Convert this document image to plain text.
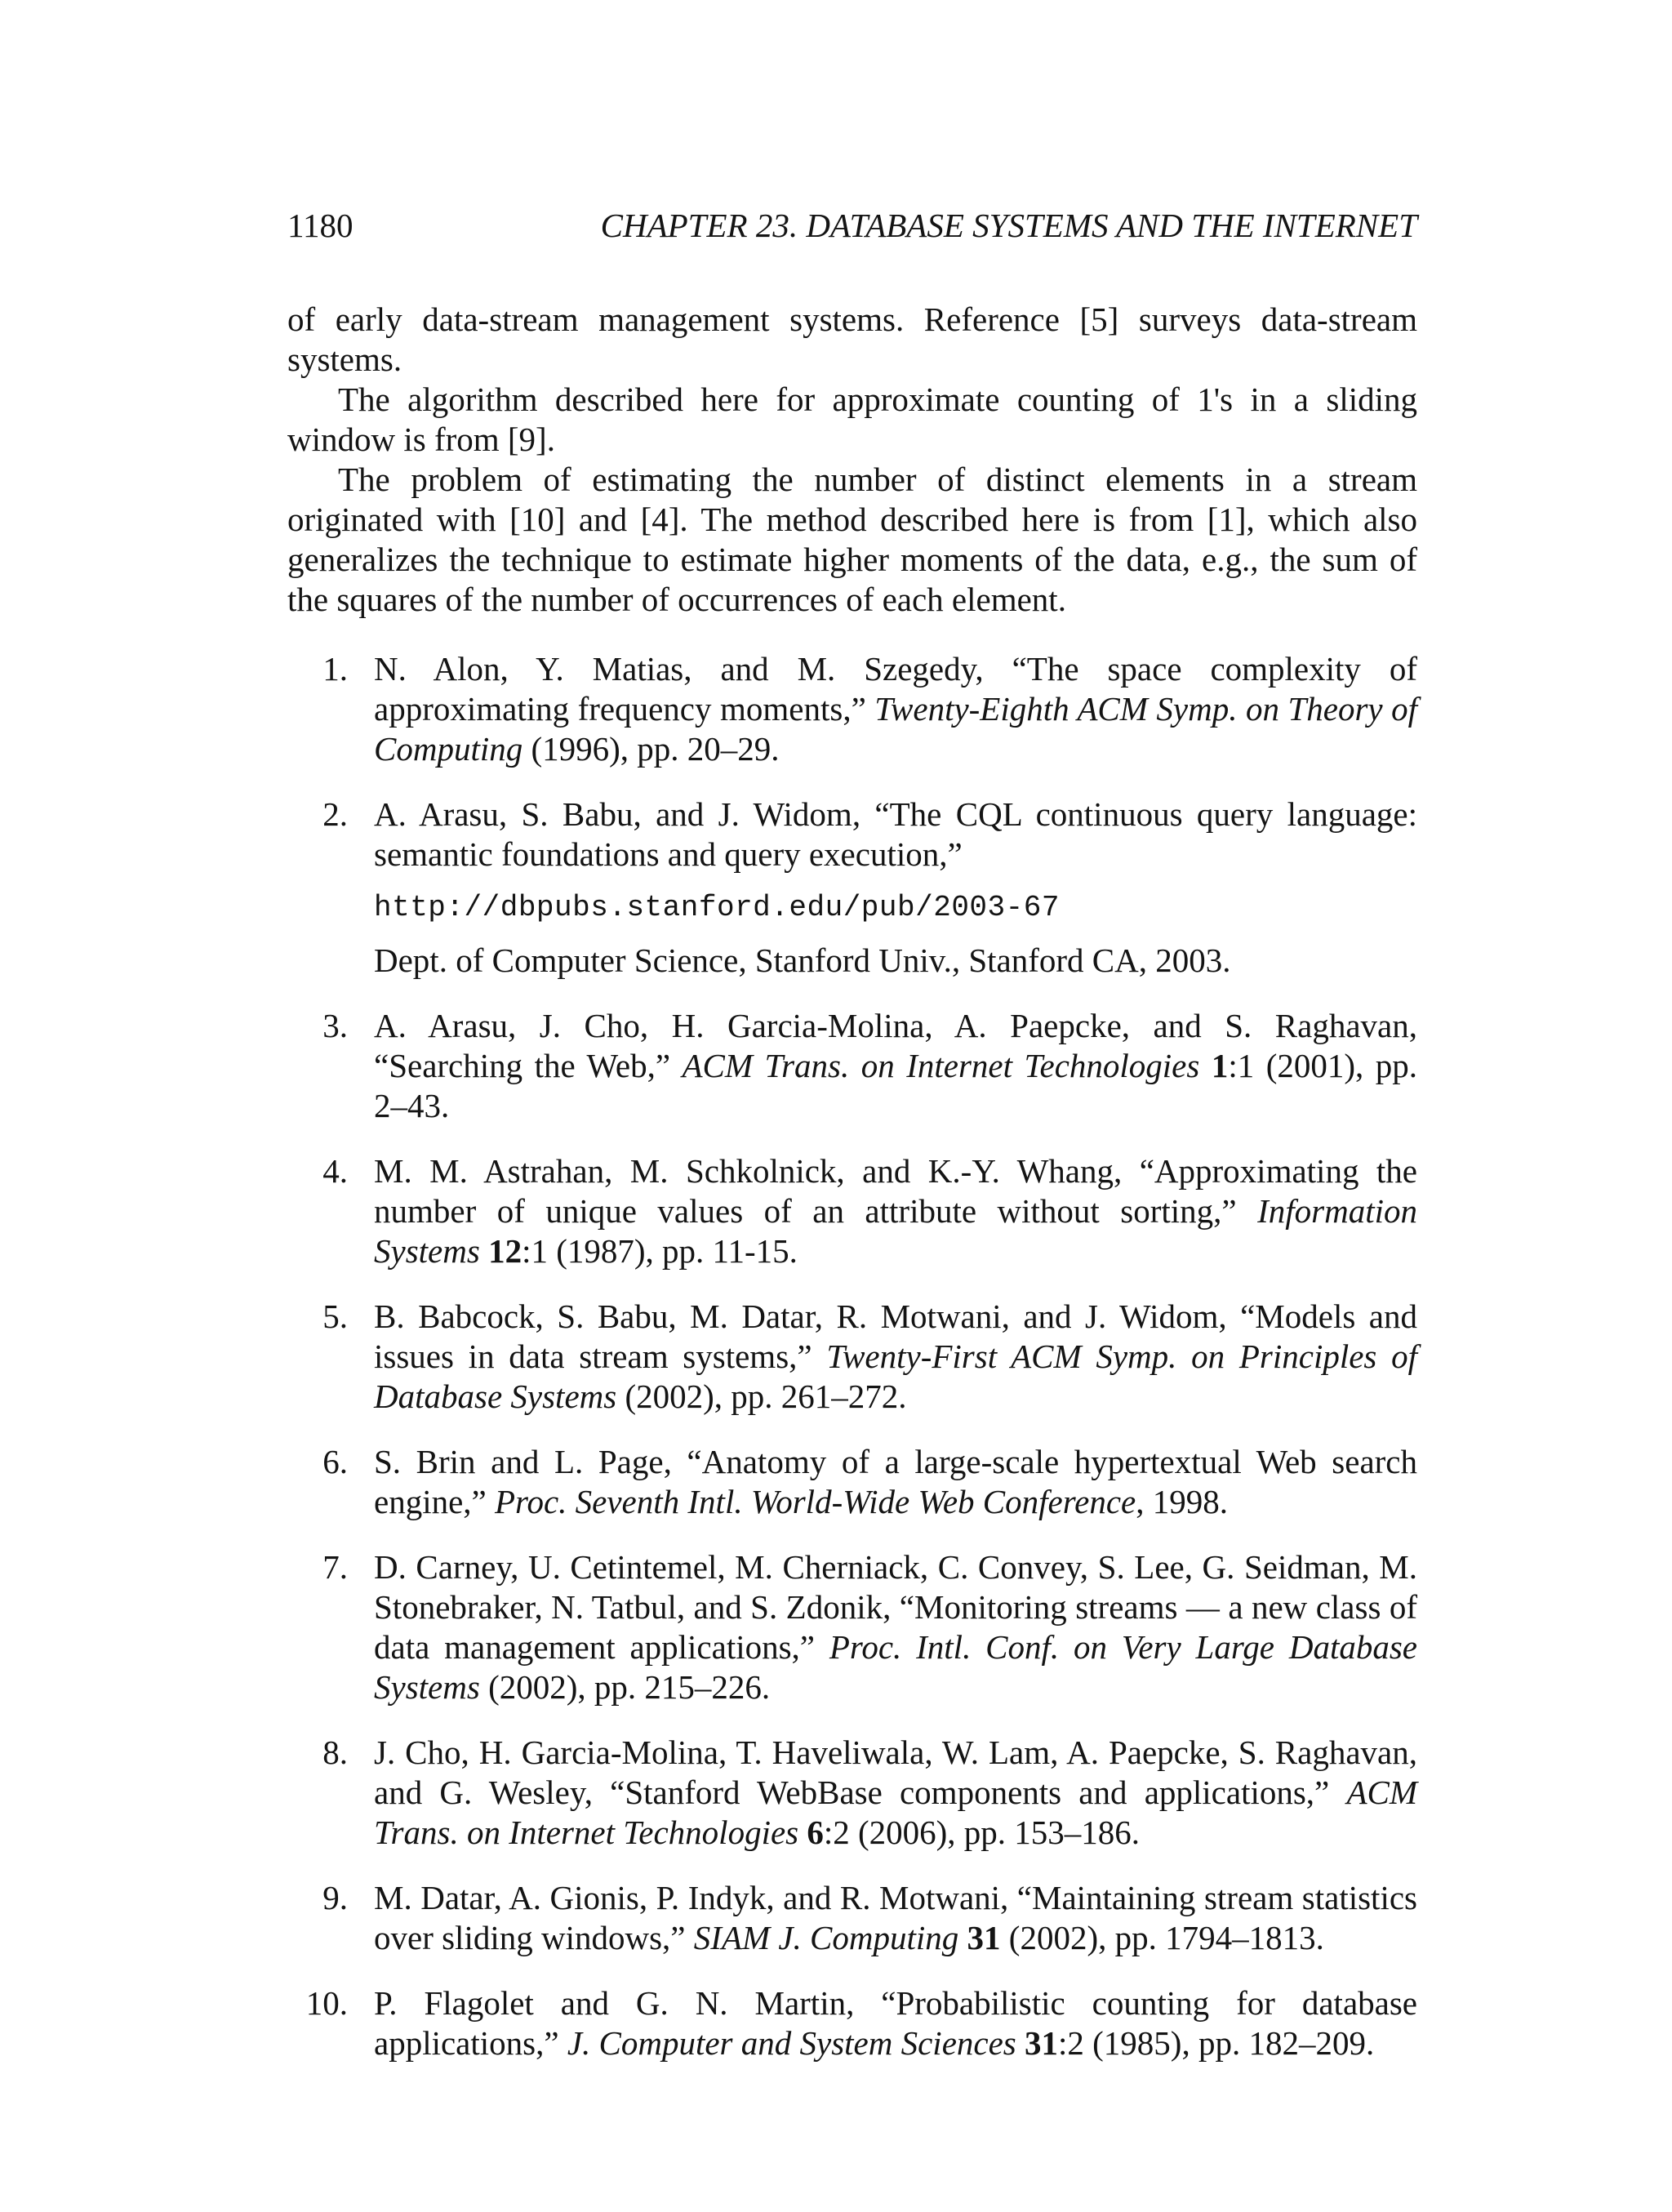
1180	CHAPTER 23. DATABASE SYSTEMS AND THE INTERNET

of early data-stream management systems. Reference [5] surveys data-stream systems.

The algorithm described here for approximate counting of 1's in a sliding window is from [9].

The problem of estimating the number of distinct elements in a stream originated with [10] and [4]. The method described here is from [1], which also generalizes the technique to estimate higher moments of the data, e.g., the sum of the squares of the number of occurrences of each element.

1. N. Alon, Y. Matias, and M. Szegedy, “The space complexity of approximating frequency moments,” Twenty-Eighth ACM Symp. on Theory of Computing (1996), pp. 20–29.
2. A. Arasu, S. Babu, and J. Widom, “The CQL continuous query language: semantic foundations and query execution,”
http://dbpubs.stanford.edu/pub/2003-67
Dept. of Computer Science, Stanford Univ., Stanford CA, 2003.
3. A. Arasu, J. Cho, H. Garcia-Molina, A. Paepcke, and S. Raghavan, “Searching the Web,” ACM Trans. on Internet Technologies 1:1 (2001), pp. 2–43.
4. M. M. Astrahan, M. Schkolnick, and K.-Y. Whang, “Approximating the number of unique values of an attribute without sorting,” Information Systems 12:1 (1987), pp. 11-15.
5. B. Babcock, S. Babu, M. Datar, R. Motwani, and J. Widom, “Models and issues in data stream systems,” Twenty-First ACM Symp. on Principles of Database Systems (2002), pp. 261–272.
6. S. Brin and L. Page, “Anatomy of a large-scale hypertextual Web search engine,” Proc. Seventh Intl. World-Wide Web Conference, 1998.
7. D. Carney, U. Cetintemel, M. Cherniack, C. Convey, S. Lee, G. Seidman, M. Stonebraker, N. Tatbul, and S. Zdonik, “Monitoring streams — a new class of data management applications,” Proc. Intl. Conf. on Very Large Database Systems (2002), pp. 215–226.
8. J. Cho, H. Garcia-Molina, T. Haveliwala, W. Lam, A. Paepcke, S. Raghavan, and G. Wesley, “Stanford WebBase components and applications,” ACM Trans. on Internet Technologies 6:2 (2006), pp. 153–186.
9. M. Datar, A. Gionis, P. Indyk, and R. Motwani, “Maintaining stream statistics over sliding windows,” SIAM J. Computing 31 (2002), pp. 1794–1813.
10. P. Flagolet and G. N. Martin, “Probabilistic counting for database applications,” J. Computer and System Sciences 31:2 (1985), pp. 182–209.
